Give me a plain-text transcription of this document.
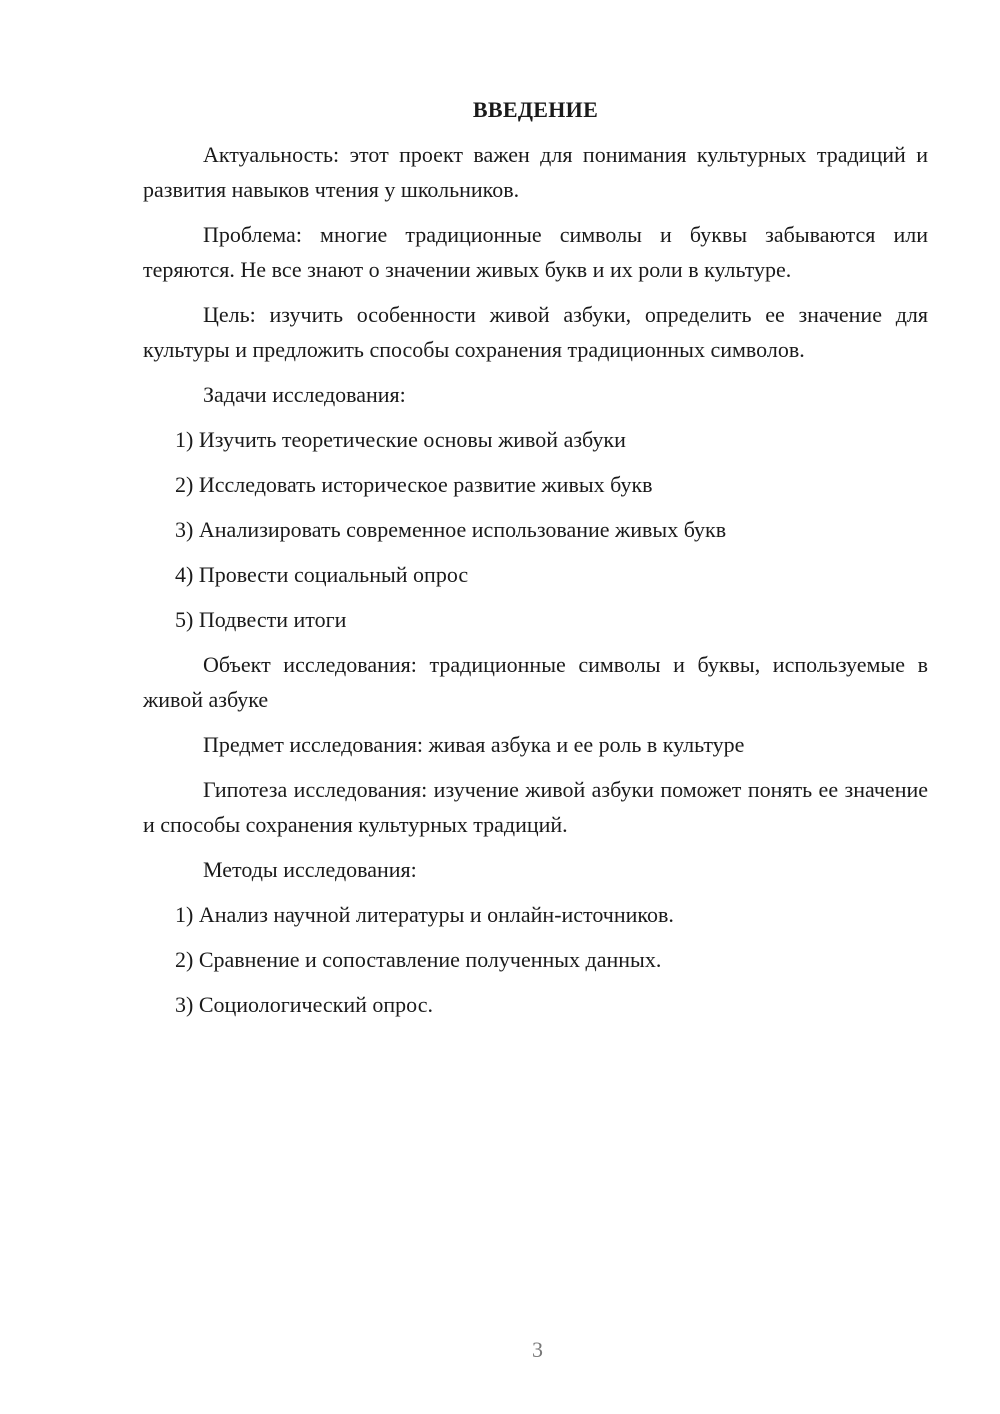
ВВЕДЕНИЕ

Актуальность: этот проект важен для понимания культурных традиций и развития навыков чтения у школьников.

Проблема: многие традиционные символы и буквы забываются или теряются. Не все знают о значении живых букв и их роли в культуре.

Цель: изучить особенности живой азбуки, определить ее значение для культуры и предложить способы сохранения традиционных символов.

Задачи исследования:

1) Изучить теоретические основы живой азбуки
2) Исследовать историческое развитие живых букв
3) Анализировать современное использование живых букв
4) Провести социальный опрос
5) Подвести итоги

Объект исследования: традиционные символы и буквы, используемые в живой азбуке

Предмет исследования: живая азбука и ее роль в культуре

Гипотеза исследования: изучение живой азбуки поможет понять ее значение и способы сохранения культурных традиций.

Методы исследования:

1) Анализ научной литературы и онлайн-источников.
2) Сравнение и сопоставление полученных данных.
3) Социологический опрос.
3
